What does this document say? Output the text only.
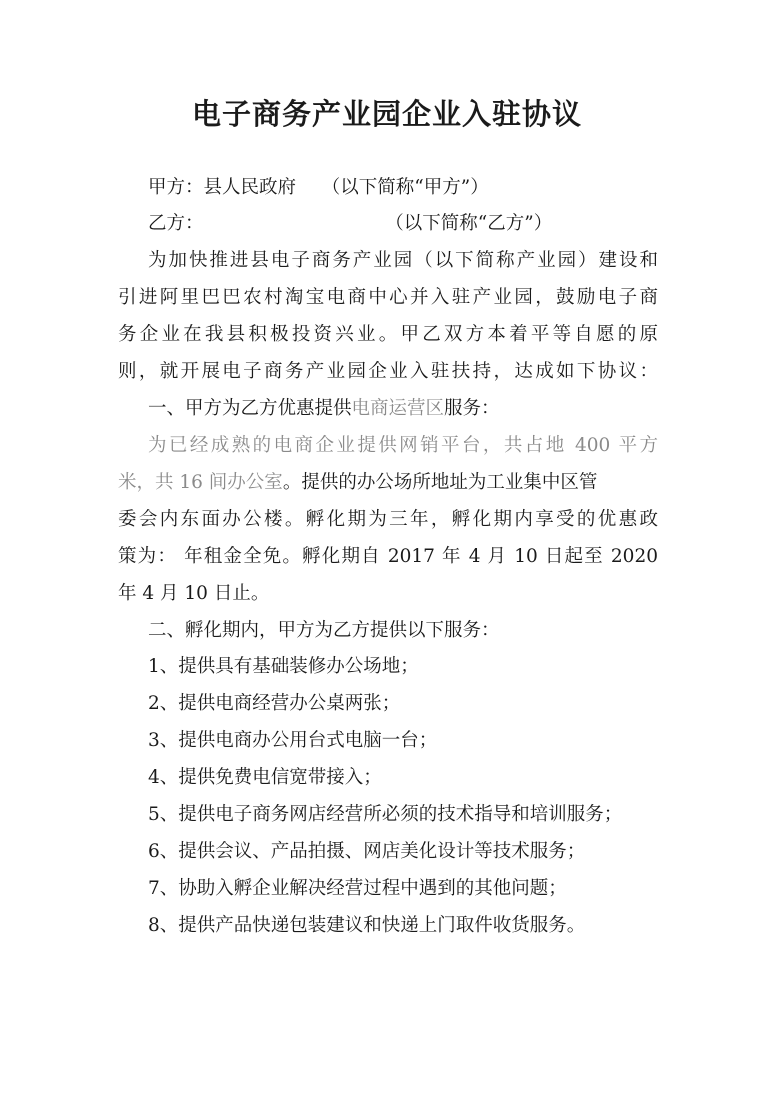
电子商务产业园企业入驻协议
甲方：县人民政府 （以下简称“甲方”）
乙方：	（以下简称“乙方”）
为加快推进县电子商务产业园（以下简称产业园）建设和
引进阿里巴巴农村淘宝电商中心并入驻产业园，鼓励电子商
务企业在我县积极投资兴业。甲乙双方本着平等自愿的原
则，就开展电子商务产业园企业入驻扶持，达成如下协议：
一、甲方为乙方优惠提供电商运营区服务：
为已经成熟的电商企业提供网销平台，共占地 400 平方
米，共 16 间办公室。提供的办公场所地址为工业集中区管
委会内东面办公楼。孵化期为三年，孵化期内享受的优惠政
策为： 年租金全免。孵化期自 2017 年 4 月 10 日起至 2020
年 4 月 10 日止。
二、孵化期内，甲方为乙方提供以下服务：
1、提供具有基础装修办公场地；
2、提供电商经营办公桌两张；
3、提供电商办公用台式电脑一台；
4、提供免费电信宽带接入；
5、提供电子商务网店经营所必须的技术指导和培训服务；
6、提供会议、产品拍摄、网店美化设计等技术服务；
7、协助入孵企业解决经营过程中遇到的其他问题；
8、提供产品快递包装建议和快递上门取件收货服务。
